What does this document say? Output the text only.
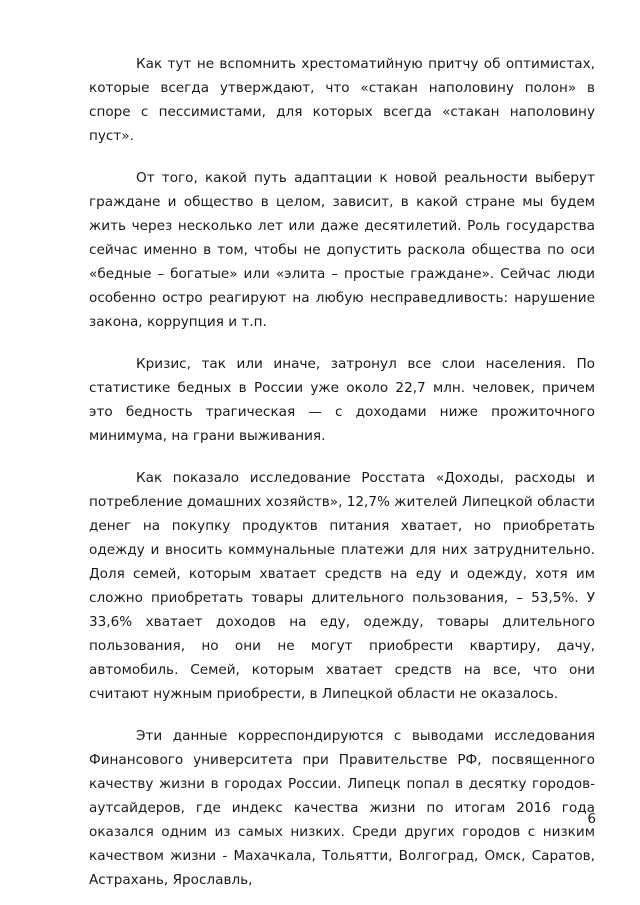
Как тут не вспомнить хрестоматийную притчу об оптимистах, которые всегда утверждают, что «стакан наполовину полон» в споре с пессимистами, для которых всегда «стакан наполовину пуст».

От того, какой путь адаптации к новой реальности выберут граждане и общество в целом, зависит, в какой стране мы будем жить через несколько лет или даже десятилетий. Роль государства сейчас именно в том, чтобы не допустить раскола общества по оси «бедные – богатые» или «элита – простые граждане». Сейчас люди особенно остро реагируют на любую несправедливость: нарушение закона, коррупция и т.п.

Кризис, так или иначе, затронул все слои населения. По статистике бедных в России уже около 22,7 млн. человек, причем это бедность трагическая — с доходами ниже прожиточного минимума, на грани выживания.

Как показало исследование Росстата «Доходы, расходы и потребление домашних хозяйств», 12,7% жителей Липецкой области денег на покупку продуктов питания хватает, но приобретать одежду и вносить коммунальные платежи для них затруднительно. Доля семей, которым хватает средств на еду и одежду, хотя им сложно приобретать товары длительного пользования, – 53,5%. У 33,6% хватает доходов на еду, одежду, товары длительного пользования, но они не могут приобрести квартиру, дачу, автомобиль. Семей, которым хватает средств на все, что они считают нужным приобрести, в Липецкой области не оказалось.

Эти данные корреспондируются с выводами исследования Финансового университета при Правительстве РФ, посвященного качеству жизни в городах России. Липецк попал в десятку городов-аутсайдеров, где индекс качества жизни по итогам 2016 года оказался одним из самых низких. Среди других городов с низким качеством жизни - Махачкала, Тольятти, Волгоград, Омск, Саратов, Астрахань, Ярославль,

6
